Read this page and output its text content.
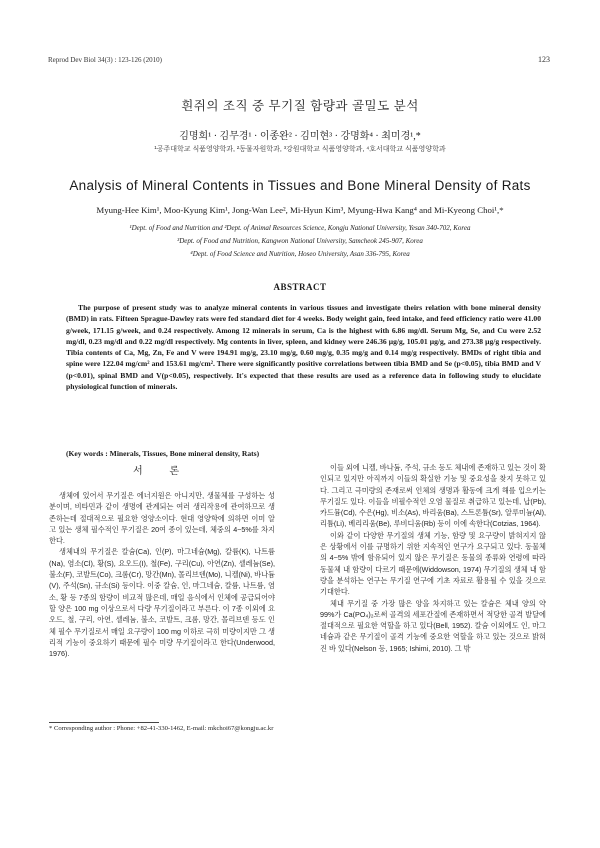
Reprod Dev Biol 34(3) : 123-126 (2010)	123
흰쥐의 조직 중 무기질 함량과 골밀도 분석
김명희¹ · 김무경¹ · 이종완² · 김미현³ · 강명화⁴ · 최미경¹,*
¹공주대학교 식품영양학과, ²동물자원학과, ³강원대학교 식품영양학과, ⁴호서대학교 식품영양학과
Analysis of Mineral Contents in Tissues and Bone Mineral Density of Rats
Myung-Hee Kim¹, Moo-Kyung Kim¹, Jong-Wan Lee², Mi-Hyun Kim³, Myung-Hwa Kang⁴ and Mi-Kyeong Choi¹,*
¹Dept. of Food and Nutrition and ²Dept. of Animal Resources Science, Kongju National University, Yesan 340-702, Korea
³Dept. of Food and Nutrition, Kangwon National University, Samcheok 245-907, Korea
⁴Dept. of Food Science and Nutrition, Hoseo University, Asan 336-795, Korea
ABSTRACT
The purpose of present study was to analyze mineral contents in various tissues and investigate theirs relation with bone mineral density (BMD) in rats. Fifteen Sprague-Dawley rats were fed standard diet for 4 weeks. Body weight gain, feed intake, and feed efficiency ratio were 41.00 g/week, 171.15 g/week, and 0.24 respectively. Among 12 minerals in serum, Ca is the highest with 6.86 mg/dl. Serum Mg, Se, and Cu were 2.52 mg/dl, 0.23 mg/dl and 0.22 mg/dl respectively. Mg contents in liver, spleen, and kidney were 246.36 μg/g, 105.01 μg/g, and 273.38 μg/g respectively. Tibia contents of Ca, Mg, Zn, Fe and V were 194.91 mg/g, 23.10 mg/g, 0.60 mg/g, 0.35 mg/g and 0.14 mg/g respectively. BMDs of right tibia and spine were 122.04 mg/cm² and 153.61 mg/cm². There were significantly positive correlations between tibia BMD and Se (p<0.05), tibia BMD and V (p<0.01), spinal BMD and V(p<0.05), respectively. It's expected that these results are used as a reference data in following study to elucidate physiological function of minerals.
(Key words : Minerals, Tissues, Bone mineral density, Rats)
서 론

생체에 있어서 무기질은 에너지원은 아니지만, 생물체를 구성하는 성분이며, 비타민과 같이 생명에 관계되는 여러 생리작용에 관여하므로 생존하는데 절대적으로 필요한 영양소이다. 현대 영양학에 의하면 이미 알고 있는 생체 필수적인 무기질은 20여 종이 있는데, 체중의 4~5%를 차지한다.

생체내의 무기질은 칼슘(Ca), 인(P), 마그네슘(Mg), 칼륨(K), 나트륨(Na), 염소(Cl), 황(S), 요오드(I), 철(Fe), 구리(Cu), 아연(Zn), 셀레늄(Se), 불소(F), 코발트(Co), 크롬(Cr), 망간(Mn), 몰리브덴(Mo), 니켈(Ni), 바나듐(V), 주석(Sn), 규소(Si) 등이다. 이중 칼슘, 인, 마그네슘, 칼륨, 나트륨, 염소, 황 등 7종의 함량이 비교적 많은데, 매일 음식에서 인체에 공급되어야 할 양은 100 mg 이상으로서 다량 무기질이라고 부른다. 이 7종 이외에 요오드, 철, 구리, 아연, 셀레늄, 불소, 코발트, 크롬, 망간, 몰리브덴 등도 인체 필수 무기질로서 매일 요구량이 100 mg 이하로 극히 미량이지만 그 생리적 기능이 중요하기 때문에 필수 미량 무기질이라고 한다(Underwood, 1976).

이들 외에 니켈, 바나듐, 주석, 규소 등도 체내에 존재하고 있는 것이 확인되고 있지만 아직까지 이들의 확실한 기능 및 중요성을 찾지 못하고 있다. 그리고 극미량의 존재로써 인체의 생명과 활동에 크게 해를 입으키는 무기질도 있다. 이들을 비필수적인 오염 물질로 취급하고 있는데, 납(Pb), 카드뮴(Cd), 수은(Hg), 비소(As), 바리움(Ba), 스트론튬(Sr), 알루미늄(Al), 리튬(Li), 베리리움(Be), 루비디움(Rb) 등이 이에 속한다(Cotzias, 1964).

이와 같이 다양한 무기질의 생체 기능, 함량 및 요구량이 밝혀지지 않은 상황에서 이를 규명하기 위한 지속적인 연구가 요구되고 있다. 동물체의 4~5% 밖에 함유되어 있지 않은 무기질은 동물의 종류와 연령에 따라 동물체 내 함량이 다르기 때문에(Widdowson, 1974) 무기질의 생체 내 함량을 분석하는 연구는 무기질 연구에 기초 자료로 활용될 수 있을 것으로 기대한다.

체내 무기질 중 가장 많은 양을 차지하고 있는 칼슘은 체내 양의 약 99%가 Ca(PO₄)₂로써 골격의 세포간질에 존재하면서 적당한 골격 발달에 절대적으로 필요한 역할을 하고 있다(Bell, 1952). 칼슘 이외에도 인, 마그네슘과 같은 무기질이 골격 기능에 중요한 역할을 하고 있는 것으로 밝혀진 바 있다(Nelson 등, 1965; Ishimi, 2010). 그 밖

* Corresponding author : Phone: +82-41-330-1462, E-mail: mkchoi67@kongju.ac.kr
